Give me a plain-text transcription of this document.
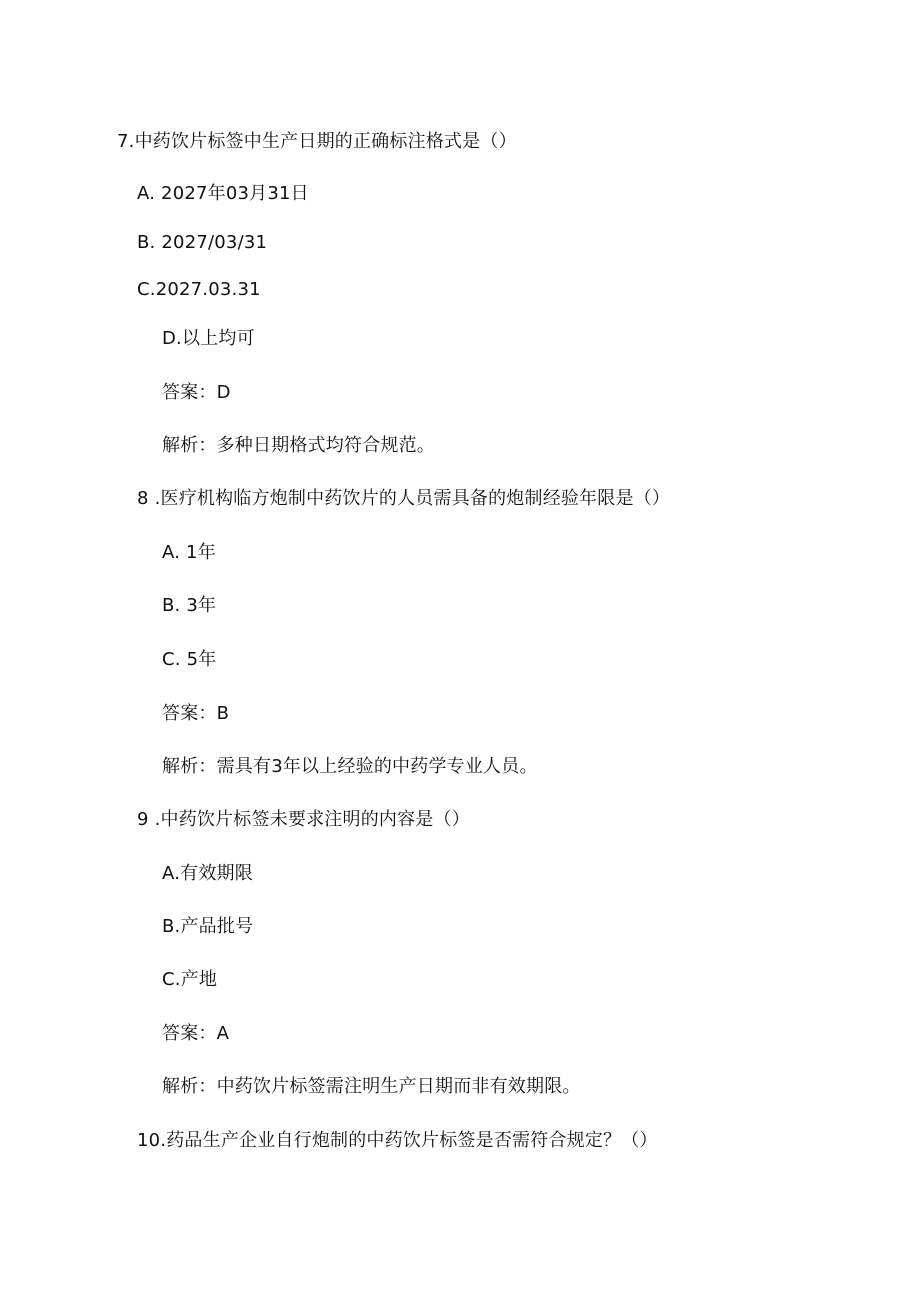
7.中药饮片标签中生产日期的正确标注格式是（）
A. 2027年03月31日
B. 2027/03/31
C.2027.03.31
D.以上均可
答案：D
解析：多种日期格式均符合规范。
8 .医疗机构临方炮制中药饮片的人员需具备的炮制经验年限是（）
A. 1年
B. 3年
C. 5年
答案：B
解析：需具有3年以上经验的中药学专业人员。
9 .中药饮片标签未要求注明的内容是（）
A.有效期限
B.产品批号
C.产地
答案：A
解析：中药饮片标签需注明生产日期而非有效期限。
10.药品生产企业自行炮制的中药饮片标签是否需符合规定？（）
